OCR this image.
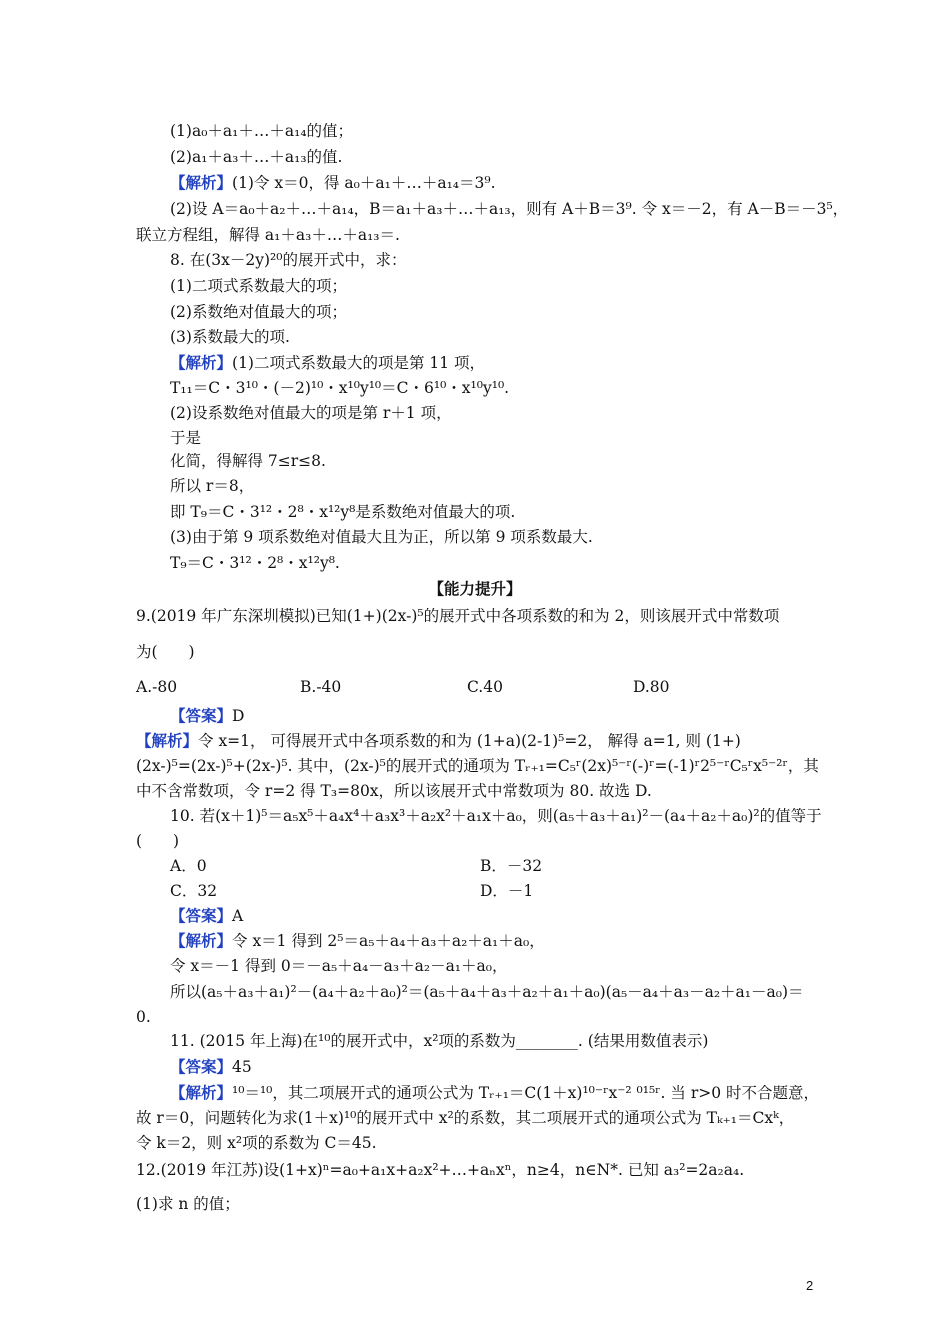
(1)a₀＋a₁＋…＋a₁₄的值；
(2)a₁＋a₃＋…＋a₁₃的值.
【解析】(1)令 x＝0，得 a₀＋a₁＋…＋a₁₄＝3⁹.
(2)设 A＝a₀＋a₂＋…＋a₁₄，B＝a₁＋a₃＋…＋a₁₃，则有 A＋B＝3⁹. 令 x＝－2，有 A－B＝－3⁵，
联立方程组，解得 a₁＋a₃＋…＋a₁₃＝.
8. 在(3x－2y)²⁰的展开式中，求：
(1)二项式系数最大的项；
(2)系数绝对值最大的项；
(3)系数最大的项.
【解析】(1)二项式系数最大的项是第 11 项，
T₁₁＝C・3¹⁰・(－2)¹⁰・x¹⁰y¹⁰＝C・6¹⁰・x¹⁰y¹⁰.
(2)设系数绝对值最大的项是第 r＋1 项，
于是
化简，得解得 7≤r≤8.
所以 r＝8，
即 T₉＝C・3¹²・2⁸・x¹²y⁸是系数绝对值最大的项.
(3)由于第 9 项系数绝对值最大且为正，所以第 9 项系数最大.
T₉＝C・3¹²・2⁸・x¹²y⁸.
【能力提升】
9.(2019 年广东深圳模拟)已知(1+)(2x-)⁵的展开式中各项系数的和为 2，则该展开式中常数项
为(　　)
A.-80	B.-40	C.40	D.80
【答案】D
【解析】令 x=1， 可得展开式中各项系数的和为 (1+a)(2-1)⁵=2， 解得 a=1, 则 (1+)
(2x-)⁵=(2x-)⁵+(2x-)⁵. 其中，(2x-)⁵的展开式的通项为 Tᵣ₊₁=C₅ʳ(2x)⁵⁻ʳ(-)ʳ=(-1)ʳ2⁵⁻ʳC₅ʳx⁵⁻²ʳ，其
中不含常数项，令 r=2 得 T₃=80x，所以该展开式中常数项为 80. 故选 D.
10. 若(x＋1)⁵＝a₅x⁵＋a₄x⁴＋a₃x³＋a₂x²＋a₁x＋a₀，则(a₅＋a₃＋a₁)²－(a₄＋a₂＋a₀)²的值等于
(　　)
A．0	B．－32
C．32	D．－1
【答案】A
【解析】令 x＝1 得到 2⁵＝a₅＋a₄＋a₃＋a₂＋a₁＋a₀，
令 x＝－1 得到 0＝－a₅＋a₄－a₃＋a₂－a₁＋a₀，
所以(a₅＋a₃＋a₁)²－(a₄＋a₂＋a₀)²＝(a₅＋a₄＋a₃＋a₂＋a₁＋a₀)(a₅－a₄＋a₃－a₂＋a₁－a₀)＝
0.
11. (2015 年上海)在¹⁰的展开式中，x²项的系数为________. (结果用数值表示)
【答案】45
【解析】¹⁰＝¹⁰，其二项展开式的通项公式为 Tᵣ₊₁＝C(1＋x)¹⁰⁻ʳx⁻² ⁰¹⁵ʳ. 当 r>0 时不合题意，
故 r＝0，问题转化为求(1＋x)¹⁰的展开式中 x²的系数，其二项展开式的通项公式为 Tₖ₊₁＝Cxᵏ，
令 k＝2，则 x²项的系数为 C＝45.
12.(2019 年江苏)设(1+x)ⁿ=a₀+a₁x+a₂x²+…+aₙxⁿ，n≥4，n∈N*. 已知 a₃²=2a₂a₄.
(1)求 n 的值；
2
